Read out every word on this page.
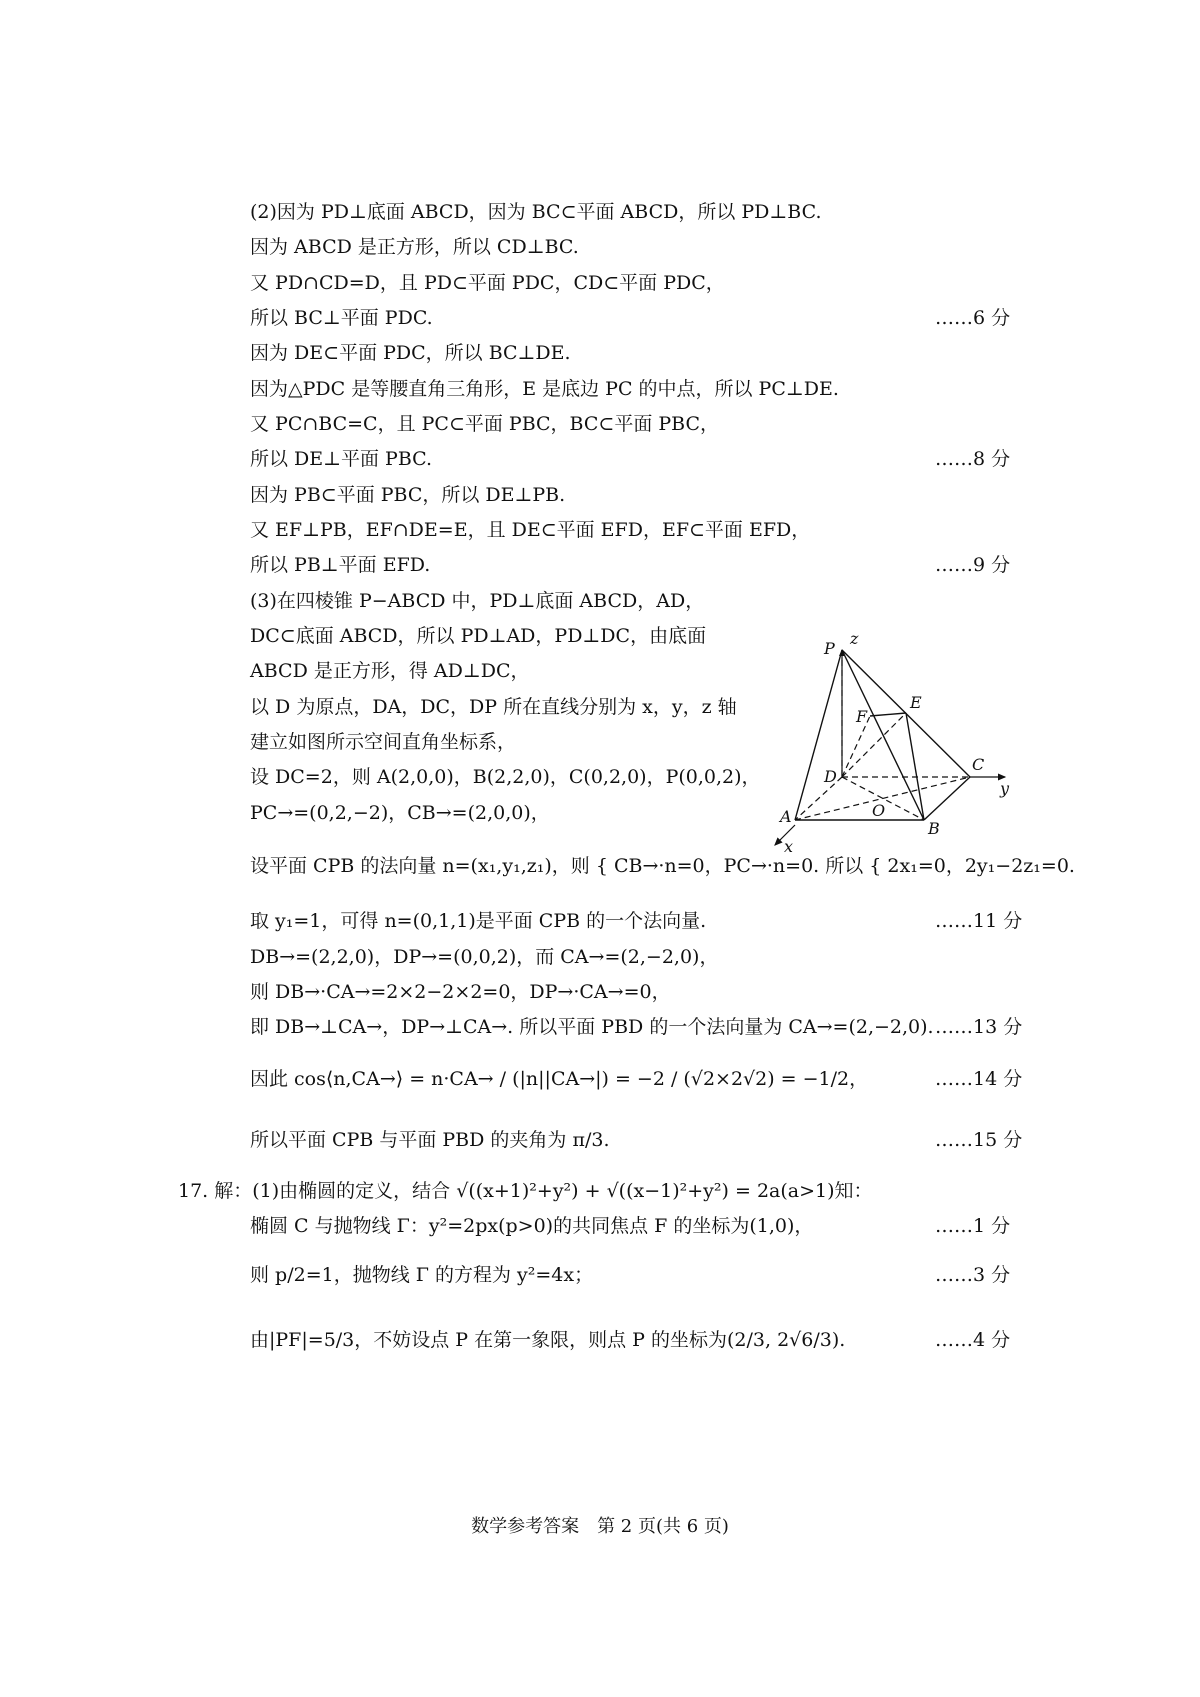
(2)因为 PD⊥底面 ABCD，因为 BC⊂平面 ABCD，所以 PD⊥BC.
因为 ABCD 是正方形，所以 CD⊥BC.
又 PD∩CD=D，且 PD⊂平面 PDC，CD⊂平面 PDC，
所以 BC⊥平面 PDC.
因为 DE⊂平面 PDC，所以 BC⊥DE.
因为△PDC 是等腰直角三角形，E 是底边 PC 的中点，所以 PC⊥DE.
又 PC∩BC=C，且 PC⊂平面 PBC，BC⊂平面 PBC，
所以 DE⊥平面 PBC.
因为 PB⊂平面 PBC，所以 DE⊥PB.
又 EF⊥PB，EF∩DE=E，且 DE⊂平面 EFD，EF⊂平面 EFD，
所以 PB⊥平面 EFD.
(3)在四棱锥 P−ABCD 中，PD⊥底面 ABCD，AD，
DC⊂底面 ABCD，所以 PD⊥AD，PD⊥DC，由底面
ABCD 是正方形，得 AD⊥DC，
以 D 为原点，DA，DC，DP 所在直线分别为 x，y，z 轴
建立如图所示空间直角坐标系，
设 DC=2，则 A(2,0,0)，B(2,2,0)，C(0,2,0)，P(0,0,2)，
PC→=(0,2,−2)，CB→=(2,0,0)，
设平面 CPB 的法向量 n=(x₁,y₁,z₁)，则 { CB→·n=0，PC→·n=0. 所以 { 2x₁=0，2y₁−2z₁=0.
取 y₁=1，可得 n=(0,1,1)是平面 CPB 的一个法向量.
DB→=(2,2,0)，DP→=(0,0,2)，而 CA→=(2,−2,0)，
则 DB→·CA→=2×2−2×2=0，DP→·CA→=0，
即 DB→⊥CA→，DP→⊥CA→. 所以平面 PBD 的一个法向量为 CA→=(2,−2,0).
因此 cos⟨n,CA→⟩ = n·CA→ / (|n||CA→|) = −2 / (√2×2√2) = −1/2，
所以平面 CPB 与平面 PBD 的夹角为 π/3.
17. 解：(1)由椭圆的定义，结合 √((x+1)²+y²) + √((x−1)²+y²) = 2a(a>1)知：
椭圆 C 与抛物线 Γ：y²=2px(p>0)的共同焦点 F 的坐标为(1,0)，
则 p/2=1，抛物线 Γ 的方程为 y²=4x；
由|PF|=5/3，不妨设点 P 在第一象限，则点 P 的坐标为(2/3, 2√6/3).
……6 分
……8 分
……9 分
……11 分
……13 分
……14 分
……15 分
……1 分
……3 分
……4 分
z
P
E
F
D
C
y
O
A
B
x
数学参考答案　第 2 页(共 6 页)
